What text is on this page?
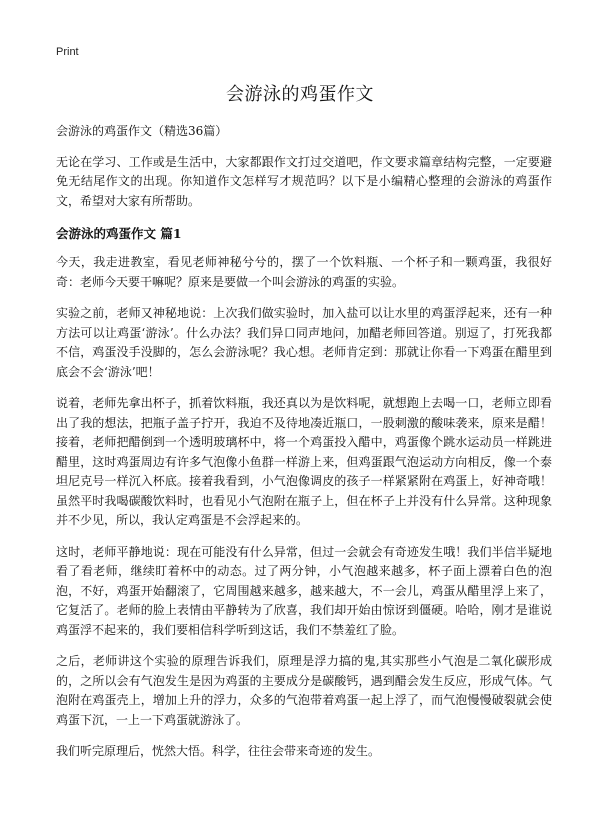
Print
会游泳的鸡蛋作文

会游泳的鸡蛋作文（精选36篇）

无论在学习、工作或是生活中，大家都跟作文打过交道吧，作文要求篇章结构完整，一定要避免无结尾作文的出现。你知道作文怎样写才规范吗？以下是小编精心整理的会游泳的鸡蛋作文，希望对大家有所帮助。

会游泳的鸡蛋作文 篇1

今天，我走进教室，看见老师神秘兮兮的，摆了一个饮料瓶、一个杯子和一颗鸡蛋，我很好奇：老师今天要干嘛呢？原来是要做一个叫会游泳的鸡蛋的实验。

实验之前，老师又神秘地说：上次我们做实验时，加入盐可以让水里的鸡蛋浮起来，还有一种方法可以让鸡蛋‘游泳’。什么办法？我们异口同声地问，加醋老师回答道。别逗了，打死我都不信，鸡蛋没手没脚的，怎么会游泳呢？我心想。老师肯定到：那就让你看一下鸡蛋在醋里到底会不会‘游泳’吧！

说着，老师先拿出杯子，抓着饮料瓶，我还真以为是饮料呢，就想跑上去喝一口，老师立即看出了我的想法，把瓶子盖子拧开，我迫不及待地凑近瓶口，一股刺激的酸味袭来，原来是醋！接着，老师把醋倒到一个透明玻璃杯中，将一个鸡蛋投入醋中，鸡蛋像个跳水运动员一样跳进醋里，这时鸡蛋周边有许多气泡像小鱼群一样游上来，但鸡蛋跟气泡运动方向相反，像一个泰坦尼克号一样沉入杯底。接着我看到，小气泡像调皮的孩子一样紧紧附在鸡蛋上，好神奇哦！虽然平时我喝碳酸饮料时，也看见小气泡附在瓶子上，但在杯子上并没有什么异常。这种现象并不少见，所以，我认定鸡蛋是不会浮起来的。

这时，老师平静地说：现在可能没有什么异常，但过一会就会有奇迹发生哦！我们半信半疑地看了看老师，继续盯着杯中的动态。过了两分钟，小气泡越来越多，杯子面上漂着白色的泡泡，不好，鸡蛋开始翻滚了，它周围越来越多，越来越大，不一会儿，鸡蛋从醋里浮上来了，它复活了。老师的脸上表情由平静转为了欣喜，我们却开始由惊讶到僵硬。哈哈，刚才是谁说鸡蛋浮不起来的，我们要相信科学听到这话，我们不禁羞红了脸。

之后，老师讲这个实验的原理告诉我们，原理是浮力搞的鬼,其实那些小气泡是二氧化碳形成的，之所以会有气泡发生是因为鸡蛋的主要成分是碳酸钙，遇到醋会发生反应，形成气体。气泡附在鸡蛋壳上，增加上升的浮力，众多的气泡带着鸡蛋一起上浮了，而气泡慢慢破裂就会使鸡蛋下沉，一上一下鸡蛋就游泳了。

我们听完原理后，恍然大悟。科学，往往会带来奇迹的发生。
